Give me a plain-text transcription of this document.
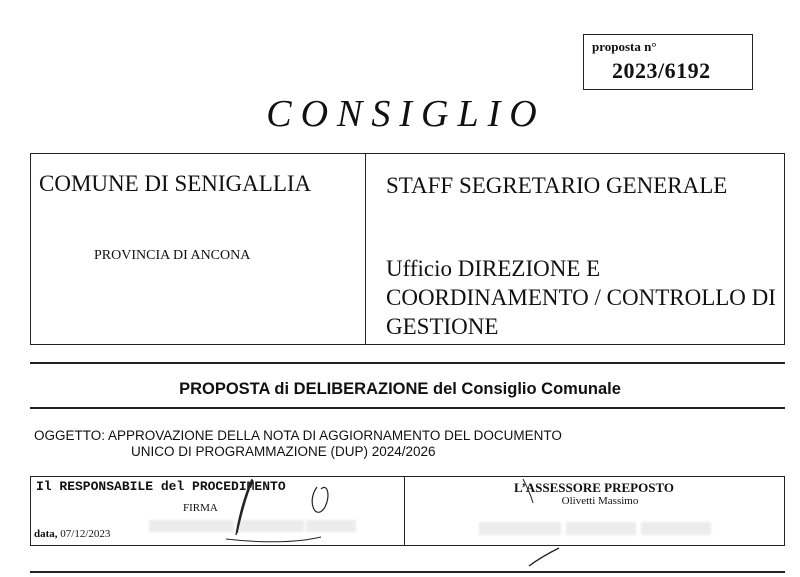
proposta n°
2023/6192
CONSIGLIO
COMUNE DI SENIGALLIA
PROVINCIA DI ANCONA
STAFF SEGRETARIO GENERALE
Ufficio DIREZIONE E COORDINAMENTO / CONTROLLO DI GESTIONE
PROPOSTA di DELIBERAZIONE del Consiglio Comunale
OGGETTO: APPROVAZIONE DELLA NOTA DI AGGIORNAMENTO DEL DOCUMENTO
UNICO DI PROGRAMMAZIONE (DUP) 2024/2026
Il RESPONSABILE del PROCEDIMENTO
FIRMA
data, 07/12/2023
L’ASSESSORE PREPOSTO
Olivetti Massimo
